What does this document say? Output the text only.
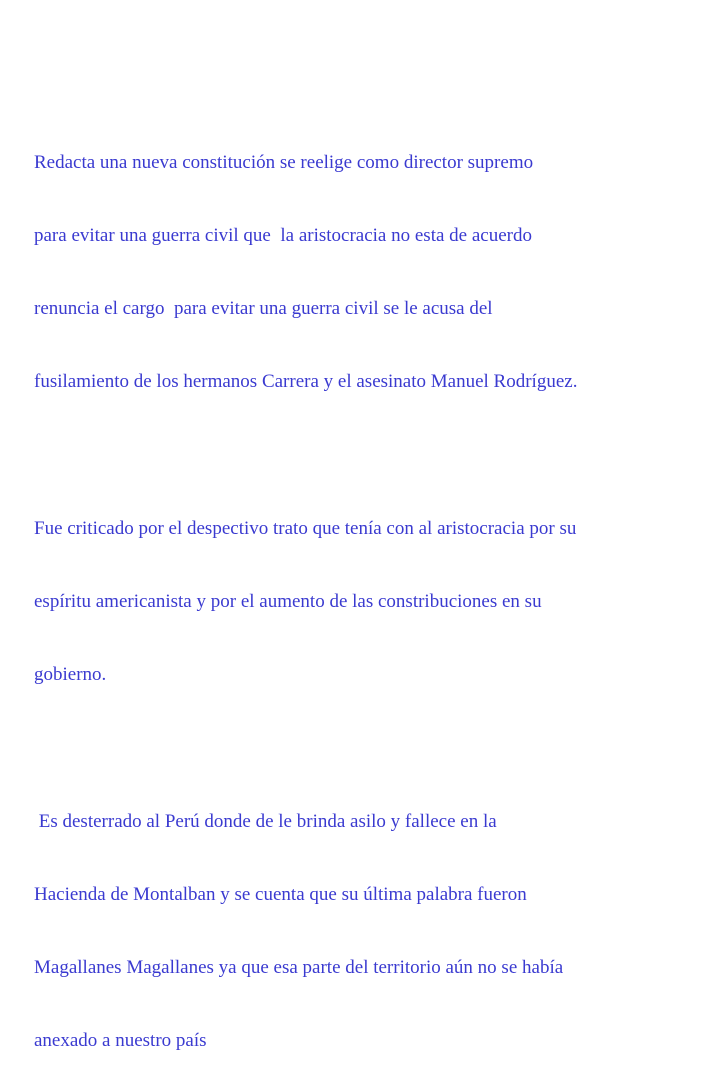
Redacta una nueva constitución se reelige como director supremo

para evitar una guerra civil que  la aristocracia no esta de acuerdo

renuncia el cargo  para evitar una guerra civil se le acusa del

fusilamiento de los hermanos Carrera y el asesinato Manuel Rodríguez.

Fue criticado por el despectivo trato que tenía con al aristocracia por su

espíritu americanista y por el aumento de las constribuciones en su

gobierno.

Es desterrado al Perú donde de le brinda asilo y fallece en la

Hacienda de Montalban y se cuenta que su última palabra fueron

Magallanes Magallanes ya que esa parte del territorio aún no se había

anexado a nuestro país
